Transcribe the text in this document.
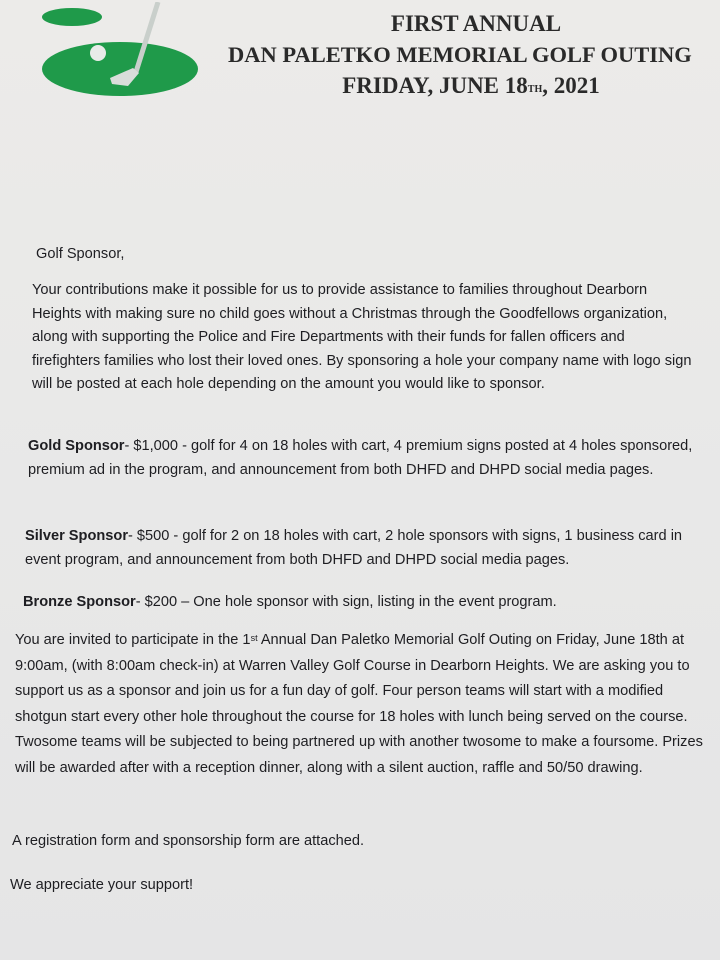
FIRST ANNUAL
DAN PALETKO MEMORIAL GOLF OUTING
FRIDAY, JUNE 18TH, 2021
Golf Sponsor,

Your contributions make it possible for us to provide assistance to families throughout Dearborn Heights with making sure no child goes without a Christmas through the Goodfellows organization, along with supporting the Police and Fire Departments with their funds for fallen officers and firefighters families who lost their loved ones. By sponsoring a hole your company name with logo sign will be posted at each hole depending on the amount you would like to sponsor.

Gold Sponsor- $1,000 - golf for 4 on 18 holes with cart, 4 premium signs posted at 4 holes sponsored, premium ad in the program, and announcement from both DHFD and DHPD social media pages.

Silver Sponsor- $500 - golf for 2 on 18 holes with cart, 2 hole sponsors with signs, 1 business card in event program, and announcement from both DHFD and DHPD social media pages.

Bronze Sponsor- $200 – One hole sponsor with sign, listing in the event program.

You are invited to participate in the 1st Annual Dan Paletko Memorial Golf Outing on Friday, June 18th at 9:00am, (with 8:00am check-in) at Warren Valley Golf Course in Dearborn Heights. We are asking you to support us as a sponsor and join us for a fun day of golf. Four person teams will start with a modified shotgun start every other hole throughout the course for 18 holes with lunch being served on the course. Twosome teams will be subjected to being partnered up with another twosome to make a foursome. Prizes will be awarded after with a reception dinner, along with a silent auction, raffle and 50/50 drawing.

A registration form and sponsorship form are attached.
We appreciate your support!
